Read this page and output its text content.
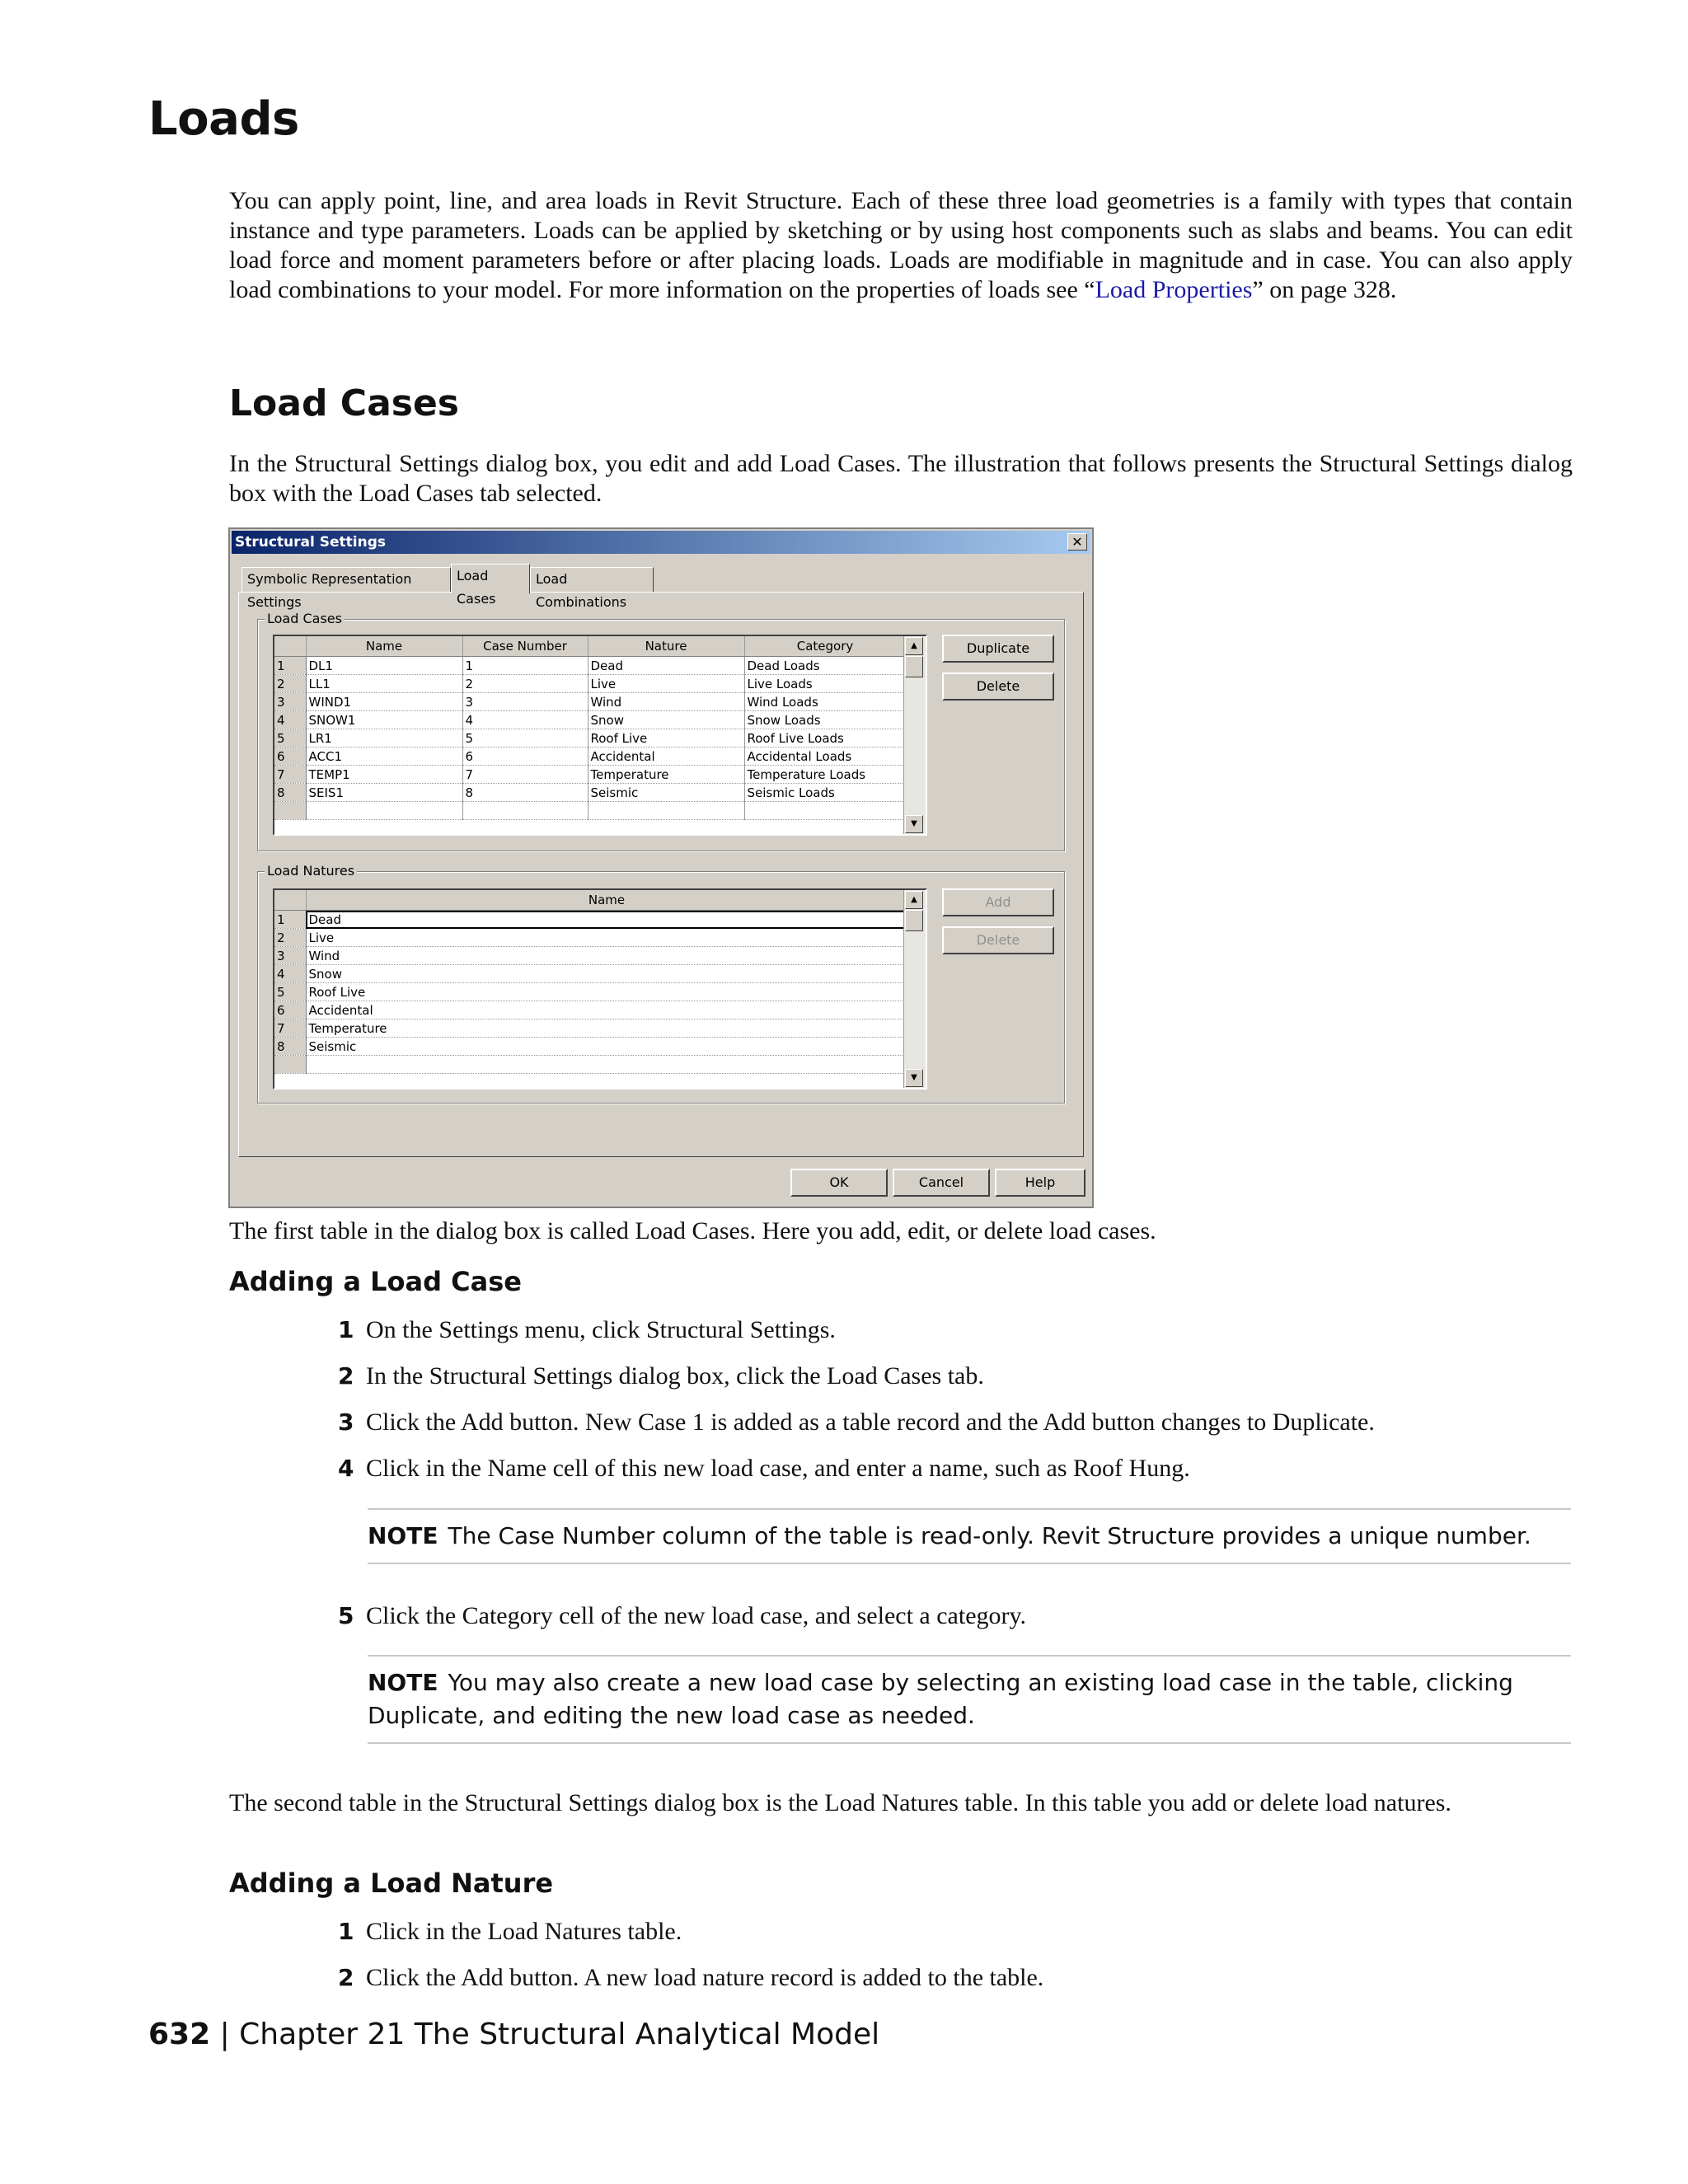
Loads

You can apply point, line, and area loads in Revit Structure. Each of these three load geometries is a family with types that contain instance and type parameters. Loads can be applied by sketching or by using host components such as slabs and beams. You can edit load force and moment parameters before or after placing loads. Loads are modifiable in magnitude and in case. You can also apply load combinations to your model. For more information on the properties of loads see “Load Properties” on page 328.

Load Cases

In the Structural Settings dialog box, you edit and add Load Cases. The illustration that follows presents the Structural Settings dialog box with the Load Cases tab selected.

Structural Settings	✕
Symbolic Representation Settings
Load Cases
Load Combinations
Load Cases
	Name	Case Number	Nature	Category
1	DL1	1	Dead	Dead Loads
2	LL1	2	Live	Live Loads
3	WIND1	3	Wind	Wind Loads
4	SNOW1	4	Snow	Snow Loads
5	LR1	5	Roof Live	Roof Live Loads
6	ACC1	6	Accidental	Accidental Loads
7	TEMP1	7	Temperature	Temperature Loads
8	SEIS1	8	Seismic	Seismic Loads

▲
▼
Duplicate
Delete
Load Natures
	Name
1	Dead
2	Live
3	Wind
4	Snow
5	Roof Live
6	Accidental
7	Temperature
8	Seismic

▲
▼
Add
Delete
OK	Cancel	Help

The first table in the dialog box is called Load Cases. Here you add, edit, or delete load cases.

Adding a Load Case
1 On the Settings menu, click Structural Settings.
2 In the Structural Settings dialog box, click the Load Cases tab.
3 Click the Add button. New Case 1 is added as a table record and the Add button changes to Duplicate.
4 Click in the Name cell of this new load case, and enter a name, such as Roof Hung.
NOTE The Case Number column of the table is read-only. Revit Structure provides a unique number.
5 Click the Category cell of the new load case, and select a category.
NOTE You may also create a new load case by selecting an existing load case in the table, clicking Duplicate, and editing the new load case as needed.

The second table in the Structural Settings dialog box is the Load Natures table. In this table you add or delete load natures.

Adding a Load Nature
1 Click in the Load Natures table.
2 Click the Add button. A new load nature record is added to the table.
632 | Chapter 21 The Structural Analytical Model
